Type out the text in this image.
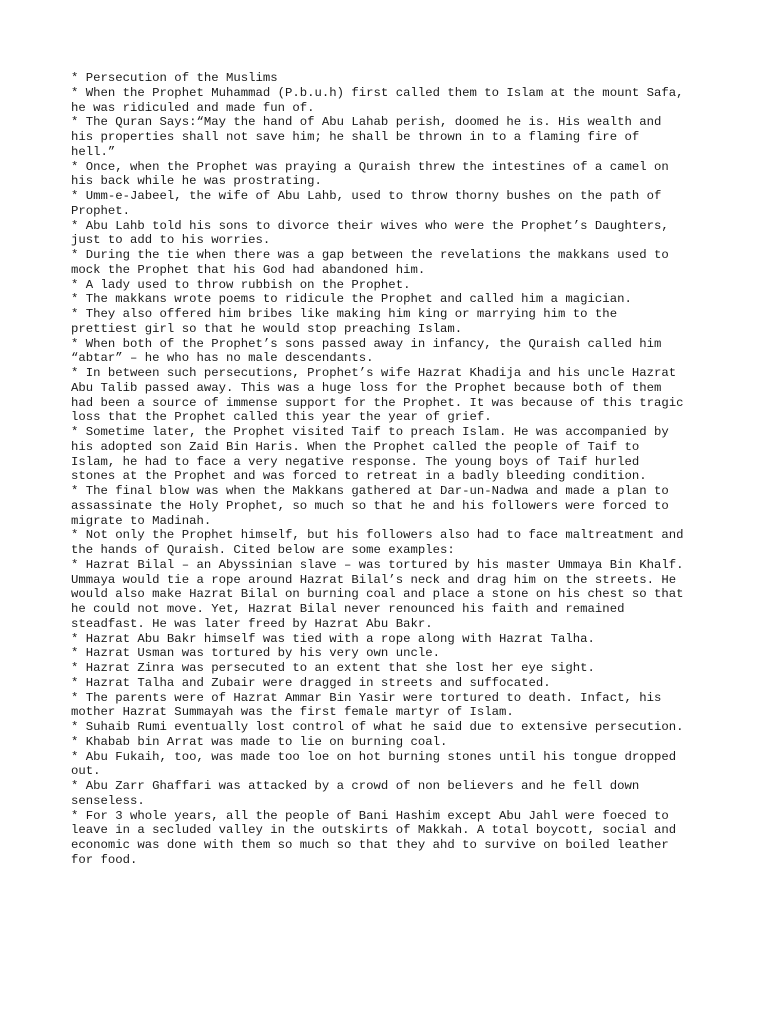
* Persecution of the Muslims
* When the Prophet Muhammad (P.b.u.h) first called them to Islam at the mount Safa,
he was ridiculed and made fun of.
* The Quran Says:“May the hand of Abu Lahab perish, doomed he is. His wealth and
his properties shall not save him; he shall be thrown in to a flaming fire of
hell.”
* Once, when the Prophet was praying a Quraish threw the intestines of a camel on
his back while he was prostrating.
* Umm-e-Jabeel, the wife of Abu Lahb, used to throw thorny bushes on the path of
Prophet.
* Abu Lahb told his sons to divorce their wives who were the Prophet’s Daughters,
just to add to his worries.
* During the tie when there was a gap between the revelations the makkans used to
mock the Prophet that his God had abandoned him.
* A lady used to throw rubbish on the Prophet.
* The makkans wrote poems to ridicule the Prophet and called him a magician.
* They also offered him bribes like making him king or marrying him to the
prettiest girl so that he would stop preaching Islam.
* When both of the Prophet’s sons passed away in infancy, the Quraish called him
“abtar” – he who has no male descendants.
* In between such persecutions, Prophet’s wife Hazrat Khadija and his uncle Hazrat
Abu Talib passed away. This was a huge loss for the Prophet because both of them
had been a source of immense support for the Prophet. It was because of this tragic
loss that the Prophet called this year the year of grief.
* Sometime later, the Prophet visited Taif to preach Islam. He was accompanied by
his adopted son Zaid Bin Haris. When the Prophet called the people of Taif to
Islam, he had to face a very negative response. The young boys of Taif hurled
stones at the Prophet and was forced to retreat in a badly bleeding condition.
* The final blow was when the Makkans gathered at Dar-un-Nadwa and made a plan to
assassinate the Holy Prophet, so much so that he and his followers were forced to
migrate to Madinah.
* Not only the Prophet himself, but his followers also had to face maltreatment and
the hands of Quraish. Cited below are some examples:
* Hazrat Bilal – an Abyssinian slave – was tortured by his master Ummaya Bin Khalf.
Ummaya would tie a rope around Hazrat Bilal’s neck and drag him on the streets. He
would also make Hazrat Bilal on burning coal and place a stone on his chest so that
he could not move. Yet, Hazrat Bilal never renounced his faith and remained
steadfast. He was later freed by Hazrat Abu Bakr.
* Hazrat Abu Bakr himself was tied with a rope along with Hazrat Talha.
* Hazrat Usman was tortured by his very own uncle.
* Hazrat Zinra was persecuted to an extent that she lost her eye sight.
* Hazrat Talha and Zubair were dragged in streets and suffocated.
* The parents were of Hazrat Ammar Bin Yasir were tortured to death. Infact, his
mother Hazrat Summayah was the first female martyr of Islam.
* Suhaib Rumi eventually lost control of what he said due to extensive persecution.
* Khabab bin Arrat was made to lie on burning coal.
* Abu Fukaih, too, was made too loe on hot burning stones until his tongue dropped
out.
* Abu Zarr Ghaffari was attacked by a crowd of non believers and he fell down
senseless.
* For 3 whole years, all the people of Bani Hashim except Abu Jahl were foeced to
leave in a secluded valley in the outskirts of Makkah. A total boycott, social and
economic was done with them so much so that they ahd to survive on boiled leather
for food.
